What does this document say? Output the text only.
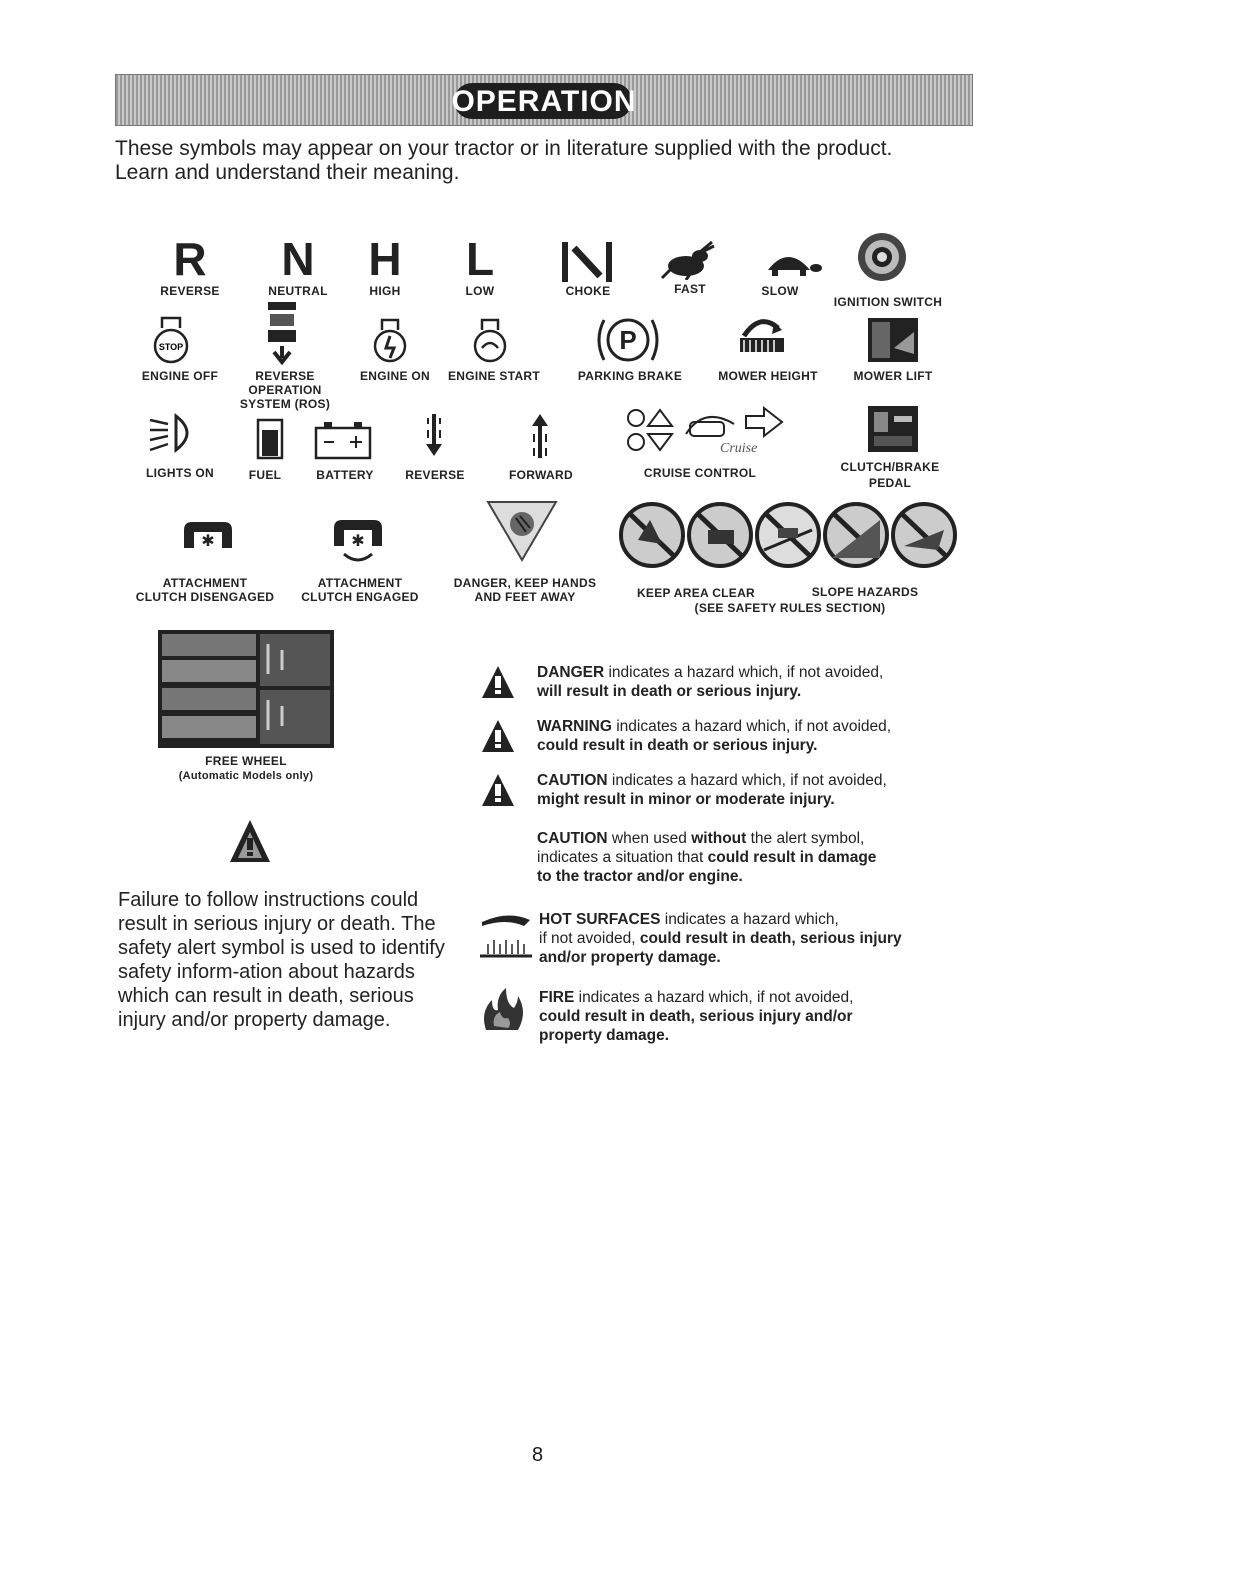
OPERATION
These symbols may appear on your tractor or in literature supplied with the product.
Learn and understand their meaning.
R
REVERSE
N
NEUTRAL
H
HIGH
L
LOW	CHOKE	FAST	SLOW
IGNITION SWITCH
STOP
ENGINE OFF	REVERSE
OPERATION
SYSTEM (ROS)
ENGINE ON	ENGINE START
P
PARKING BRAKE	MOWER HEIGHT	MOWER LIFT
LIGHTS ON	FUEL	BATTERY	REVERSE	FORWARD
Cruise
CRUISE CONTROL	CLUTCH/BRAKE
PEDAL
✱
ATTACHMENT
CLUTCH DISENGAGED
✱
ATTACHMENT
CLUTCH ENGAGED
DANGER, KEEP HANDS
AND FEET AWAY	KEEP AREA CLEAR	SLOPE HAZARDS
(SEE SAFETY RULES SECTION)
FREE WHEEL
(Automatic Models only)
Failure to follow instructions could result in serious injury or death. The safety alert symbol is used to identify safety inform-ation about hazards which can result in death, serious injury and/or property damage.
DANGER indicates a hazard which, if not avoided,
will result in death or serious injury.
WARNING indicates a hazard which, if not avoided,
could result in death or serious injury.
CAUTION indicates a hazard which, if not avoided,
might result in minor or moderate injury.
CAUTION when used without the alert symbol,
indicates a situation that could result in damage
to the tractor and/or engine.
HOT SURFACES indicates a hazard which,
if not avoided, could result in death, serious injury
and/or property damage.
FIRE indicates a hazard which, if not avoided,
could result in death, serious injury and/or
property damage.
8
